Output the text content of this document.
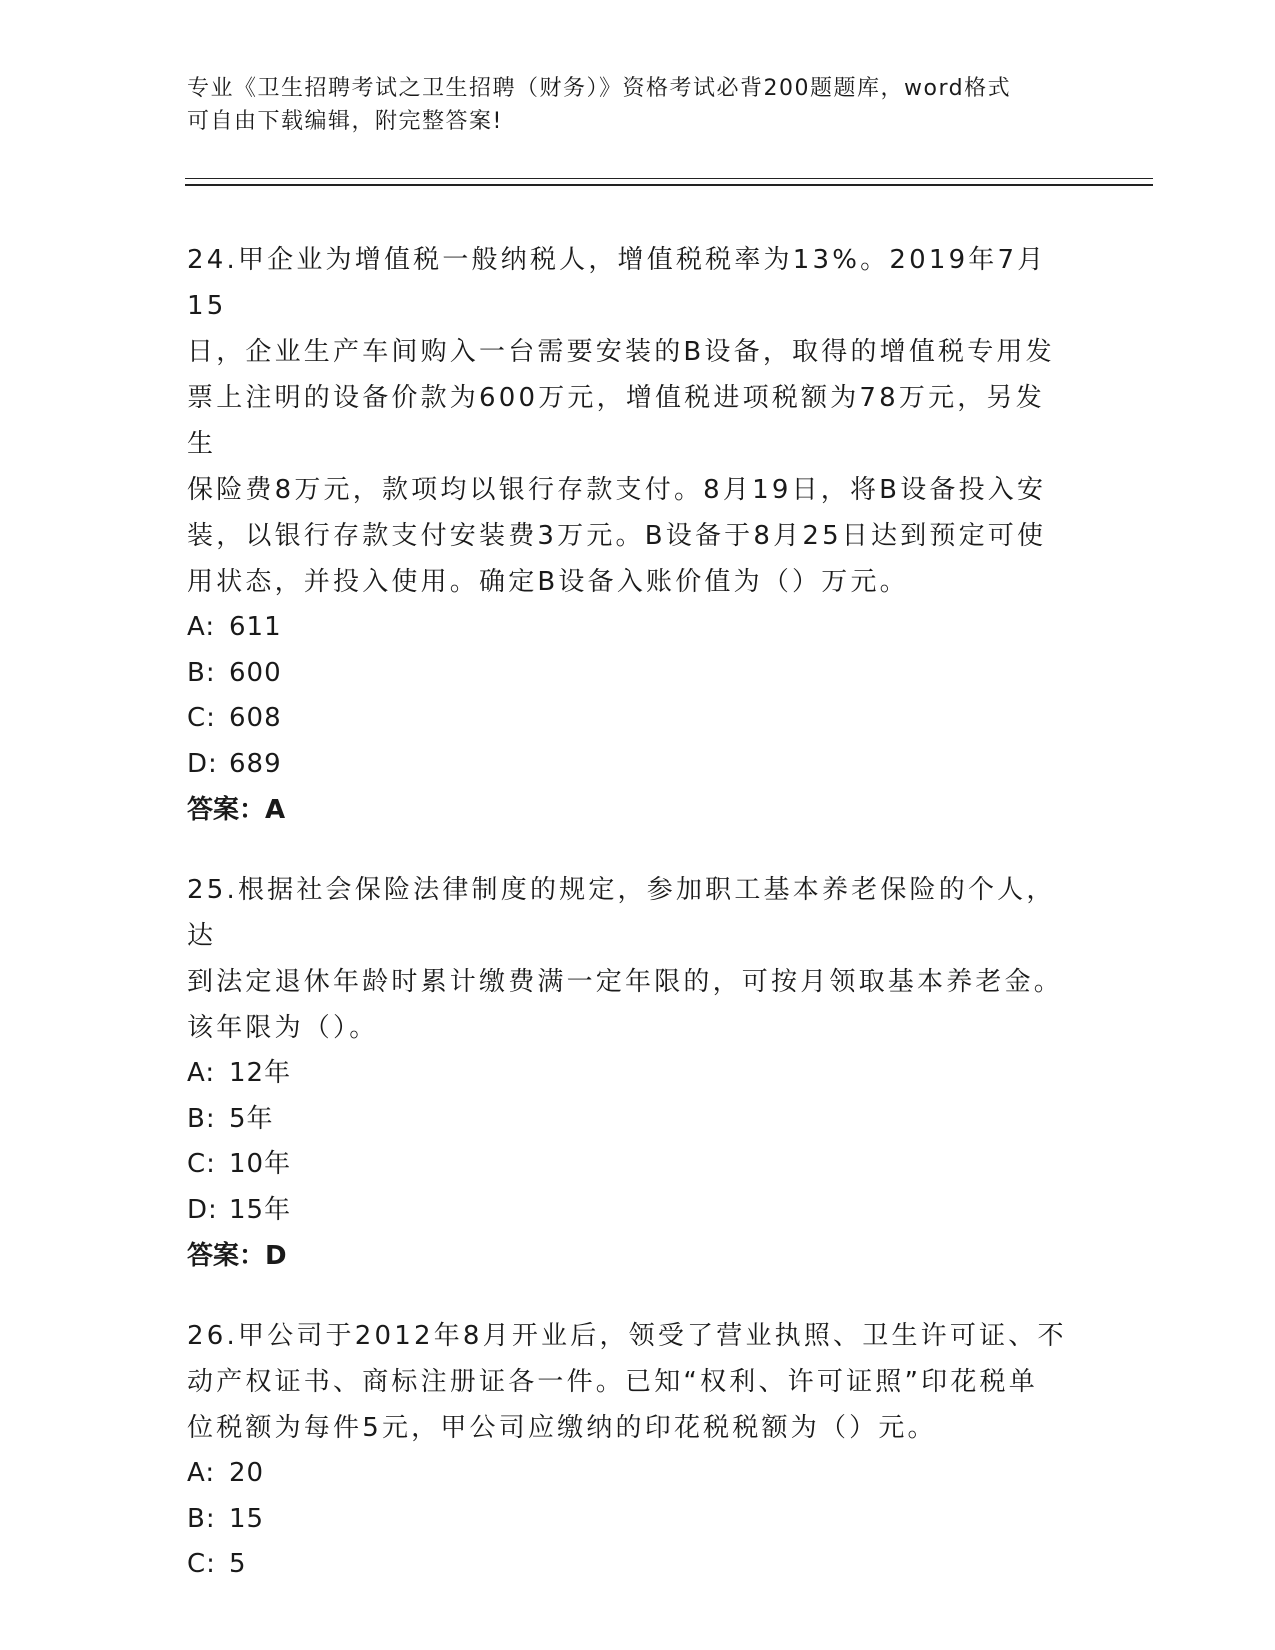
专业《卫生招聘考试之卫生招聘（财务）》资格考试必背200题题库，word格式
可自由下载编辑，附完整答案!

24.甲企业为增值税一般纳税人，增值税税率为13%。2019年7月15

日，企业生产车间购入一台需要安装的B设备，取得的增值税专用发

票上注明的设备价款为600万元，增值税进项税额为78万元，另发生

保险费8万元，款项均以银行存款支付。8月19日，将B设备投入安

装，以银行存款支付安装费3万元。B设备于8月25日达到预定可使

用状态，并投入使用。确定B设备入账价值为（）万元。

A: 611

B: 600

C: 608

D: 689

答案：A

25.根据社会保险法律制度的规定，参加职工基本养老保险的个人，达

到法定退休年龄时累计缴费满一定年限的，可按月领取基本养老金。

该年限为（）。

A: 12年

B: 5年

C: 10年

D: 15年

答案：D

26.甲公司于2012年8月开业后，领受了营业执照、卫生许可证、不

动产权证书、商标注册证各一件。已知“权利、许可证照”印花税单

位税额为每件5元，甲公司应缴纳的印花税税额为（）元。

A: 20

B: 15

C: 5
